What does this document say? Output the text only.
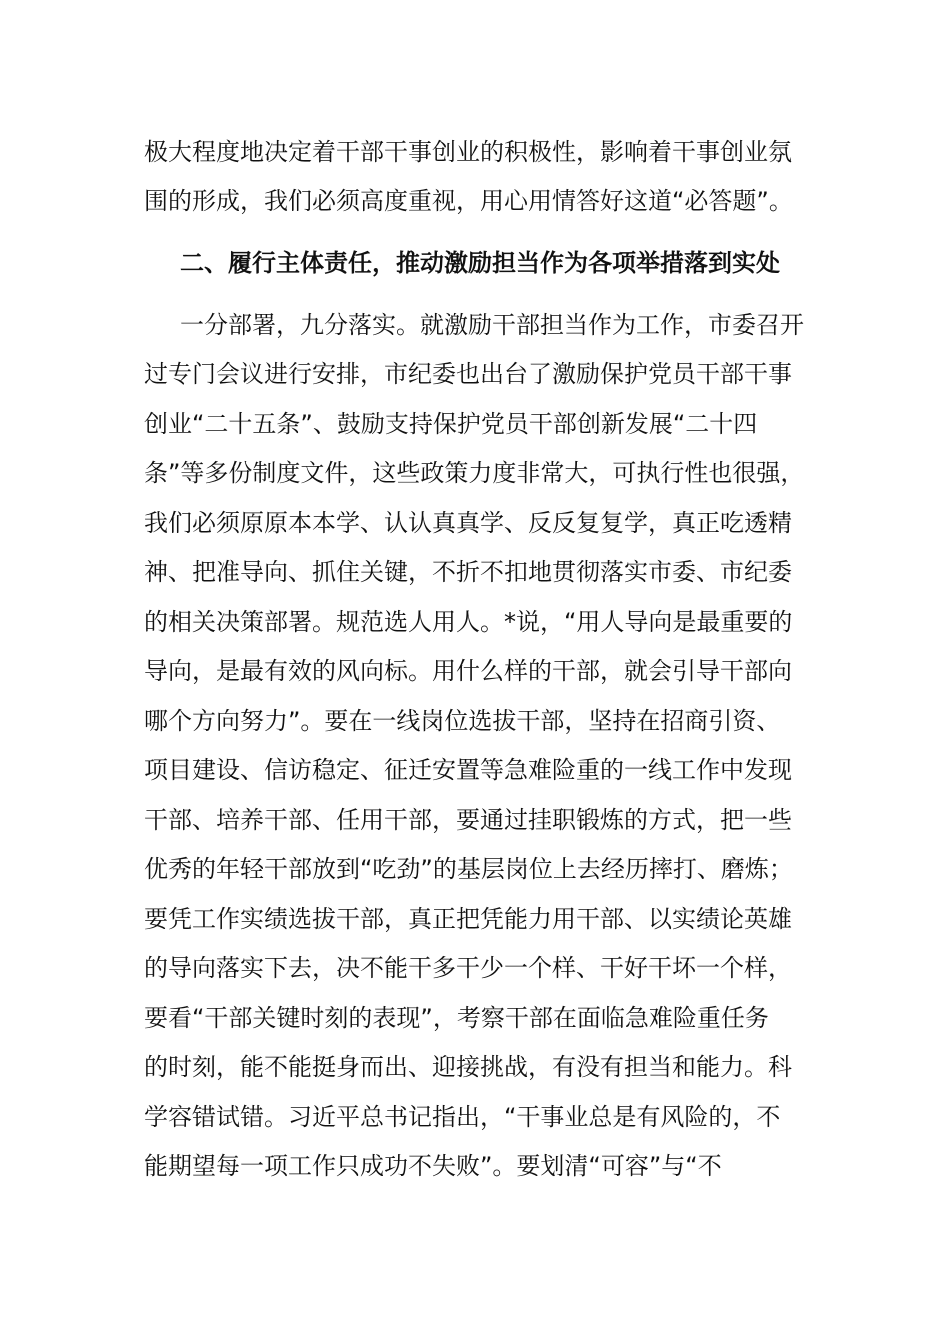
极大程度地决定着干部干事创业的积极性，影响着干事创业氛
围的形成，我们必须高度重视，用心用情答好这道“必答题”。
二、履行主体责任，推动激励担当作为各项举措落到实处
一分部署，九分落实。就激励干部担当作为工作，市委召开
过专门会议进行安排，市纪委也出台了激励保护党员干部干事
创业“二十五条”、鼓励支持保护党员干部创新发展“二十四
条”等多份制度文件，这些政策力度非常大，可执行性也很强，
我们必须原原本本学、认认真真学、反反复复学，真正吃透精
神、把准导向、抓住关键，不折不扣地贯彻落实市委、市纪委
的相关决策部署。规范选人用人。*说，“用人导向是最重要的
导向，是最有效的风向标。用什么样的干部，就会引导干部向
哪个方向努力”。要在一线岗位选拔干部，坚持在招商引资、
项目建设、信访稳定、征迁安置等急难险重的一线工作中发现
干部、培养干部、任用干部，要通过挂职锻炼的方式，把一些
优秀的年轻干部放到“吃劲”的基层岗位上去经历摔打、磨炼；
要凭工作实绩选拔干部，真正把凭能力用干部、以实绩论英雄
的导向落实下去，决不能干多干少一个样、干好干坏一个样，
要看“干部关键时刻的表现”，考察干部在面临急难险重任务
的时刻，能不能挺身而出、迎接挑战，有没有担当和能力。科
学容错试错。习近平总书记指出，“干事业总是有风险的，不
能期望每一项工作只成功不失败”。要划清“可容”与“不
